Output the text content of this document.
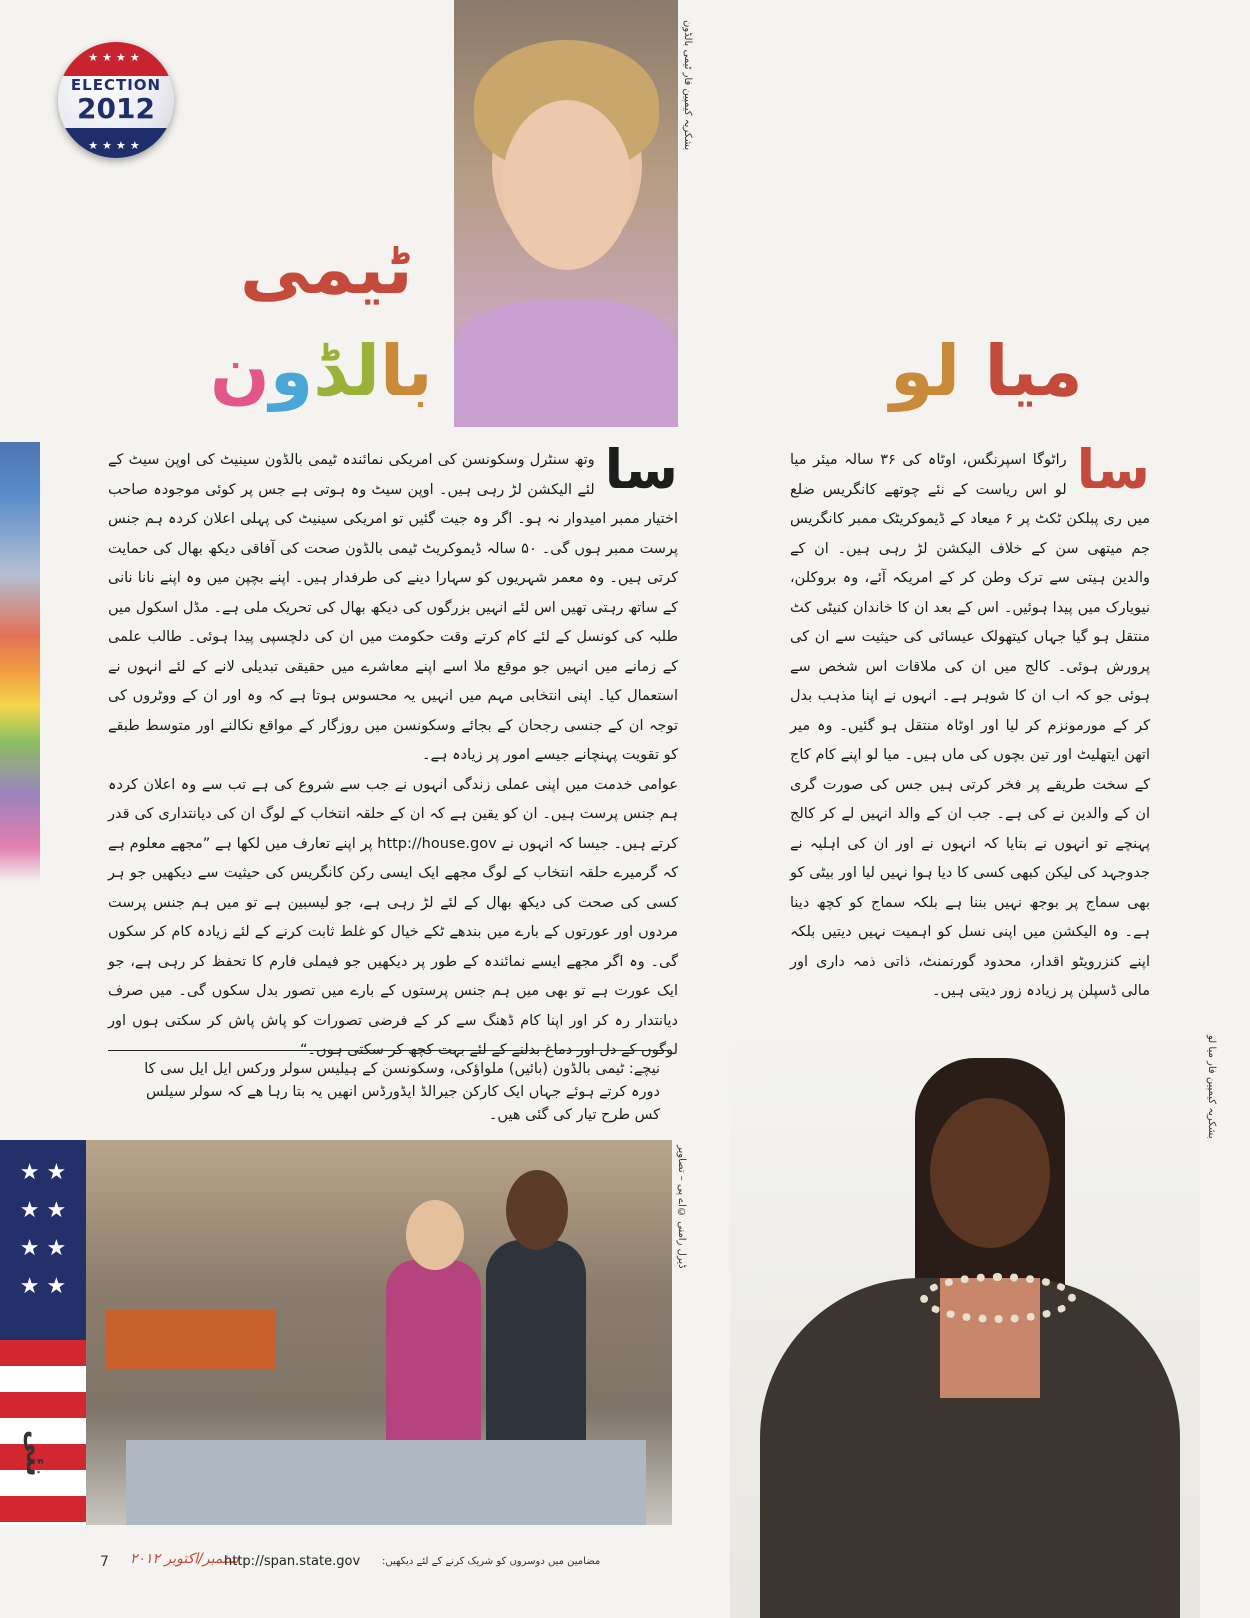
★★★★
ELECTION
2012
★★★★	بشکریہ کیمپین فار ٹیمی بالڈون
ٹیمی
بالڈون	میا لو
سا

وتھ سنٹرل وسکونسن کی امریکی نمائندہ ٹیمی بالڈون سینیٹ کی اوپن سیٹ کے لئے الیکشن لڑ رہی ہیں۔ اوپن سیٹ وہ ہوتی ہے جس پر کوئی موجودہ صاحب اختیار ممبر امیدوار نہ ہو۔ اگر وہ جیت گئیں تو امریکی سینیٹ کی پہلی اعلان کردہ ہم جنس پرست ممبر ہوں گی۔ ۵۰ سالہ ڈیموکریٹ ٹیمی بالڈون صحت کی آفاقی دیکھ بھال کی حمایت کرتی ہیں۔ وہ معمر شہریوں کو سہارا دینے کی طرفدار ہیں۔ اپنے بچپن میں وہ اپنے نانا نانی کے ساتھ رہتی تھیں اس لئے انہیں بزرگوں کی دیکھ بھال کی تحریک ملی ہے۔ مڈل اسکول میں طلبہ کی کونسل کے لئے کام کرتے وقت حکومت میں ان کی دلچسپی پیدا ہوئی۔ طالب علمی کے زمانے میں انہیں جو موقع ملا اسے اپنے معاشرے میں حقیقی تبدیلی لانے کے لئے انہوں نے استعمال کیا۔ اپنی انتخابی مہم میں انہیں یہ محسوس ہوتا ہے کہ وہ اور ان کے ووٹروں کی توجہ ان کے جنسی رجحان کے بجائے وسکونسن میں روزگار کے مواقع نکالنے اور متوسط طبقے کو تقویت پہنچانے جیسے امور پر زیادہ ہے۔

عوامی خدمت میں اپنی عملی زندگی انہوں نے جب سے شروع کی ہے تب سے وہ اعلان کردہ ہم جنس پرست ہیں۔ ان کو یقین ہے کہ ان کے حلقہ انتخاب کے لوگ ان کی دیانتداری کی قدر کرتے ہیں۔ جیسا کہ انہوں نے http://house.gov پر اپنے تعارف میں لکھا ہے ”مجھے معلوم ہے کہ گرمیرے حلقہ انتخاب کے لوگ مجھے ایک ایسی رکن کانگریس کی حیثیت سے دیکھیں جو ہر کسی کی صحت کی دیکھ بھال کے لئے لڑ رہی ہے، جو لیسبین ہے تو میں ہم جنس پرست مردوں اور عورتوں کے بارے میں بندھے ٹکے خیال کو غلط ثابت کرنے کے لئے زیادہ کام کر سکوں گی۔ وہ اگر مجھے ایسے نمائندہ کے طور پر دیکھیں جو فیملی فارم کا تحفظ کر رہی ہے، جو ایک عورت ہے تو بھی میں ہم جنس پرستوں کے بارے میں تصور بدل سکوں گی۔ میں صرف دیانتدار رہ کر اور اپنا کام ڈھنگ سے کر کے فرضی تصورات کو پاش پاش کر سکتی ہوں اور لوگوں کے دل اور دماغ بدلنے کے لئے بہت کچھ کر سکتی ہوں۔“

سا

راٹوگا اسپرنگس، اوٹاہ کی ۳۶ سالہ میئر میا لو اس ریاست کے نئے چوتھے کانگریس ضلع میں ری پبلکن ٹکٹ پر ۶ میعاد کے ڈیموکریٹک ممبر کانگریس جم میتھی سن کے خلاف الیکشن لڑ رہی ہیں۔ ان کے والدین ہیتی سے ترک وطن کر کے امریکہ آئے، وہ بروکلن، نیویارک میں پیدا ہوئیں۔ اس کے بعد ان کا خاندان کنیٹی کٹ منتقل ہو گیا جہاں کیتھولک عیسائی کی حیثیت سے ان کی پرورش ہوئی۔ کالج میں ان کی ملاقات اس شخص سے ہوئی جو کہ اب ان کا شوہر ہے۔ انہوں نے اپنا مذہب بدل کر کے مورمونزم کر لیا اور اوٹاہ منتقل ہو گئیں۔ وہ میر اتھن ایتھلیٹ اور تین بچوں کی ماں ہیں۔ میا لو اپنے کام کاج کے سخت طریقے پر فخر کرتی ہیں جس کی صورت گری ان کے والدین نے کی ہے۔ جب ان کے والد انہیں لے کر کالج پہنچے تو انہوں نے بتایا کہ انہوں نے اور ان کی اہلیہ نے جدوجہد کی لیکن کبھی کسی کا دیا ہوا نہیں لیا اور بیٹی کو بھی سماج پر بوجھ نہیں بننا ہے بلکہ سماج کو کچھ دینا ہے۔ وہ الیکشن میں اپنی نسل کو اہمیت نہیں دیتیں بلکہ اپنے کنزرویٹو اقدار، محدود گورنمنٹ، ذاتی ذمہ داری اور مالی ڈسپلن پر زیادہ زور دیتی ہیں۔

نیچے: ٹیمی بالڈون (بائیں) ملواؤکی، وسکونسن کے ہیلیس سولر ورکس ایل ایل سی کا دورہ کرتے ہوئے جہاں ایک کارکن جیرالڈ ایڈورڈس انھیں یہ بتا رہا ھے کہ سولر سیلس کس طرح تیار کی گئی ھیں۔
★ ★
★ ★
★ ★
★ ★
نئی
ڈیرل رامنی ©اے پی – تصاویر
بشکریہ کیمپین فار میا لو
7 ستمبر/اکتوبر ۲۰۱۲
http://span.state.gov مضامین میں دوسروں کو شریک کرنے کے لئے دیکھیں:
